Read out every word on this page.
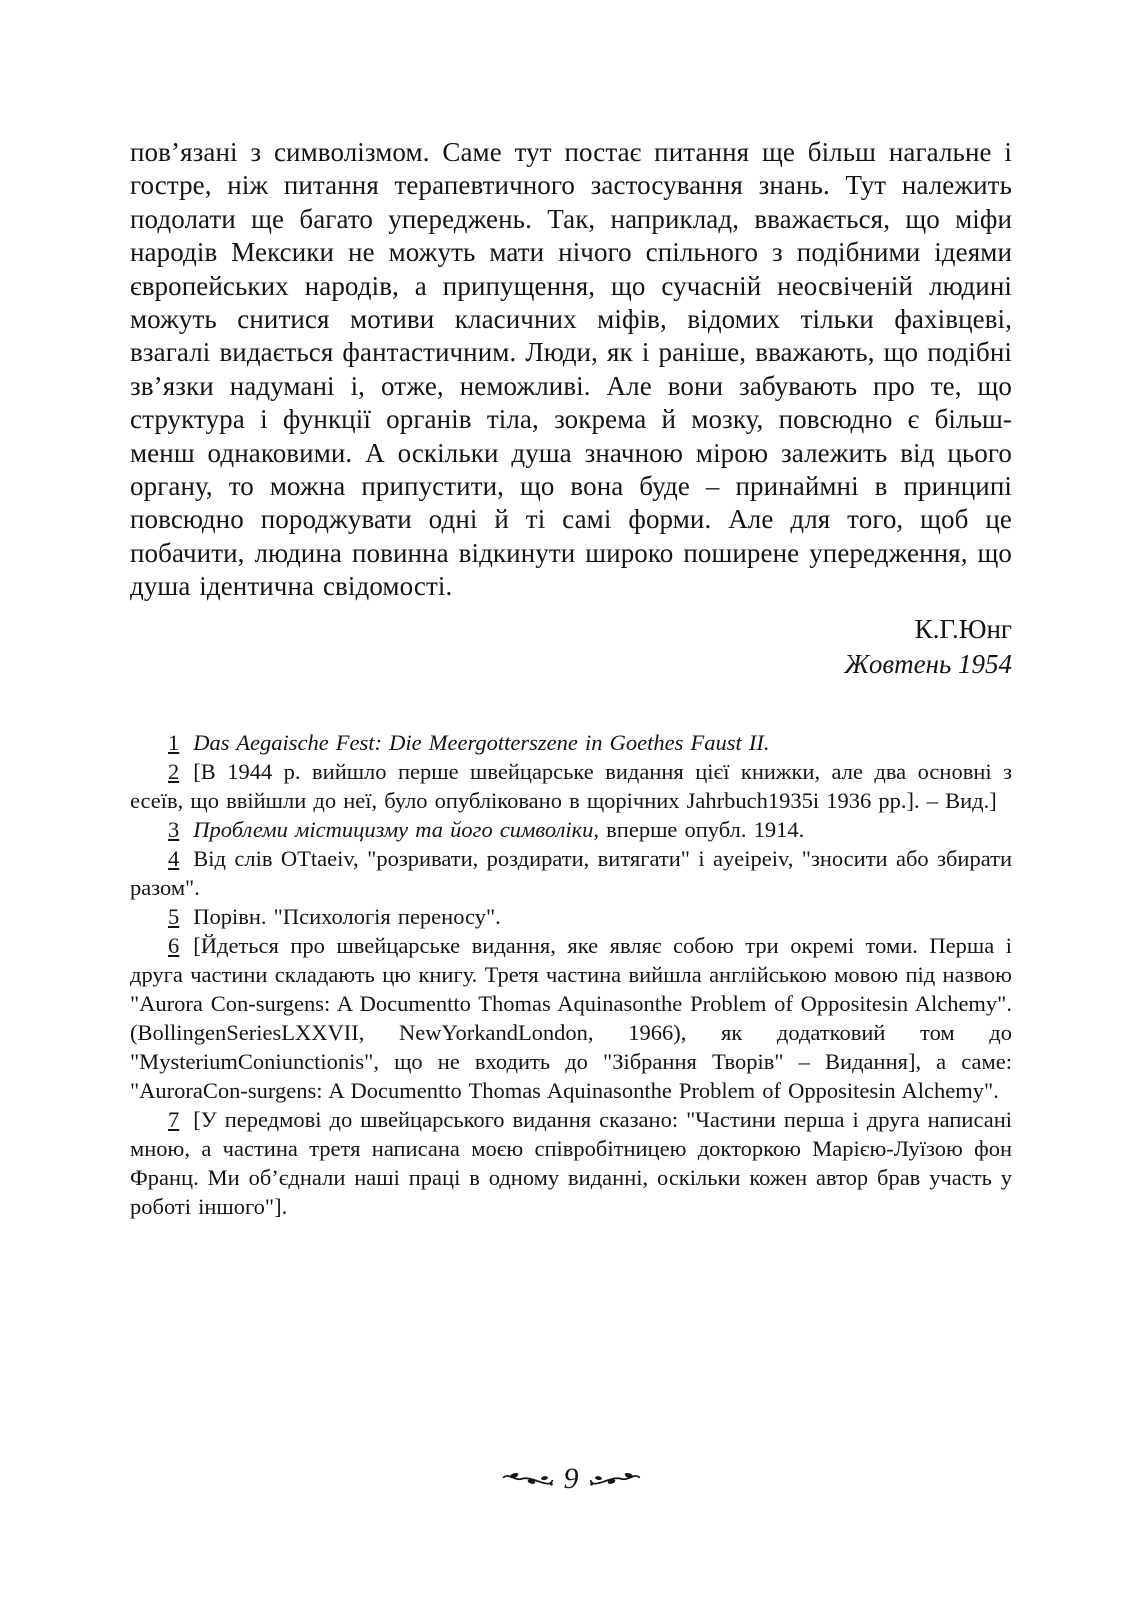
пов’язані з символізмом. Саме тут постає питання ще більш нагальне і гостре, ніж питання терапевтичного застосування знань. Тут належить подолати ще багато упереджень. Так, наприклад, вважається, що міфи народів Мексики не можуть мати нічого спільного з подібними ідеями європейських народів, а припущення, що сучасній неосвіченій людині можуть снитися мотиви класичних міфів, відомих тільки фахівцеві, взагалі видається фантастичним. Люди, як і раніше, вважають, що подібні зв’язки надумані і, отже, неможливі. Але вони забувають про те, що структура і функції органів тіла, зокрема й мозку, повсюдно є більш-менш однаковими. А оскільки душа значною мірою залежить від цього органу, то можна припустити, що вона буде – принаймні в принципі повсюдно породжувати одні й ті самі форми. Але для того, щоб це побачити, людина повинна відкинути широко поширене упередження, що душа ідентична свідомості.

К.Г.Юнг
Жовтень 1954

1 Das Aegaische Fest: Die Meergotterszene in Goethes Faust II.

2 [В 1944 р. вийшло перше швейцарське видання цієї книжки, але два основні з есеїв, що ввійшли до неї, було опубліковано в щорічних Jahrbuch1935і 1936 рр.]. – Вид.]

3 Проблеми містицизму та його символіки, вперше опубл. 1914.

4 Від слів OTtaeiv, "розривати, роздирати, витягати" і ayeipeiv, "зносити або збирати разом".

5 Порівн. "Психологія переносу".

6 [Йдеться про швейцарське видання, яке являє собою три окремі томи. Перша і друга частини складають цю книгу. Третя частина вийшла англійською мовою під назвою "Aurora Con-surgens: A Documentto Thomas Aquinasonthe Problem of Oppositesin Alchemy". (BollingenSeriesLXXVII, NewYorkandLondon, 1966), як додатковий том до "MysteriumConiunctionis", що не входить до "Зібрання Творів" – Видання], а саме: "AuroraCon-surgens: A Documentto Thomas Aquinasonthe Problem of Oppositesin Alchemy".

7 [У передмові до швейцарського видання сказано: "Частини перша і друга написані мною, а частина третя написана моєю співробітницею докторкою Марією-Луїзою фон Франц. Ми об’єднали наші праці в одному виданні, оскільки кожен автор брав участь у роботі іншого"].

9
